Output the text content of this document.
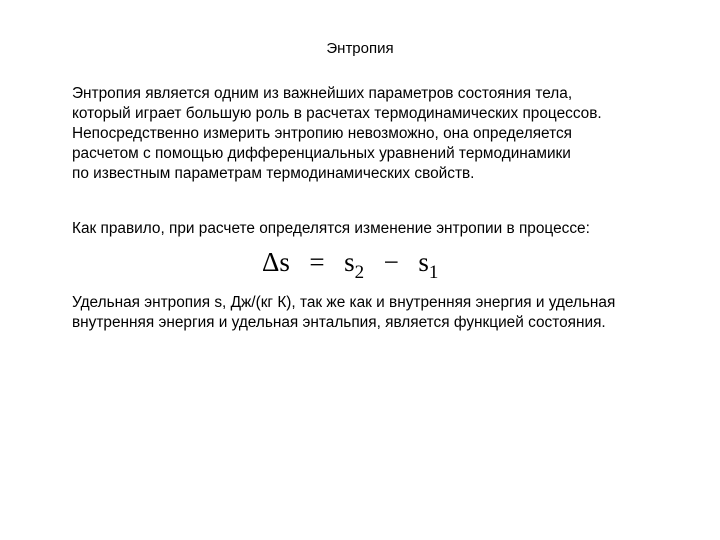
Энтропия
Энтропия является одним из важнейших параметров состояния тела,
который играет большую роль в расчетах термодинамических процессов.
Непосредственно измерить энтропию невозможно, она определяется
расчетом с помощью дифференциальных уравнений термодинамики
по известным параметрам термодинамических свойств.
Как правило, при расчете определятся изменение энтропии в процессе:
$\Delta s = s_2 - s_1$
Удельная энтропия s, Дж/(кг К), так же как и внутренняя энергия и удельная
внутренняя энергия и удельная энтальпия, является функцией состояния.
